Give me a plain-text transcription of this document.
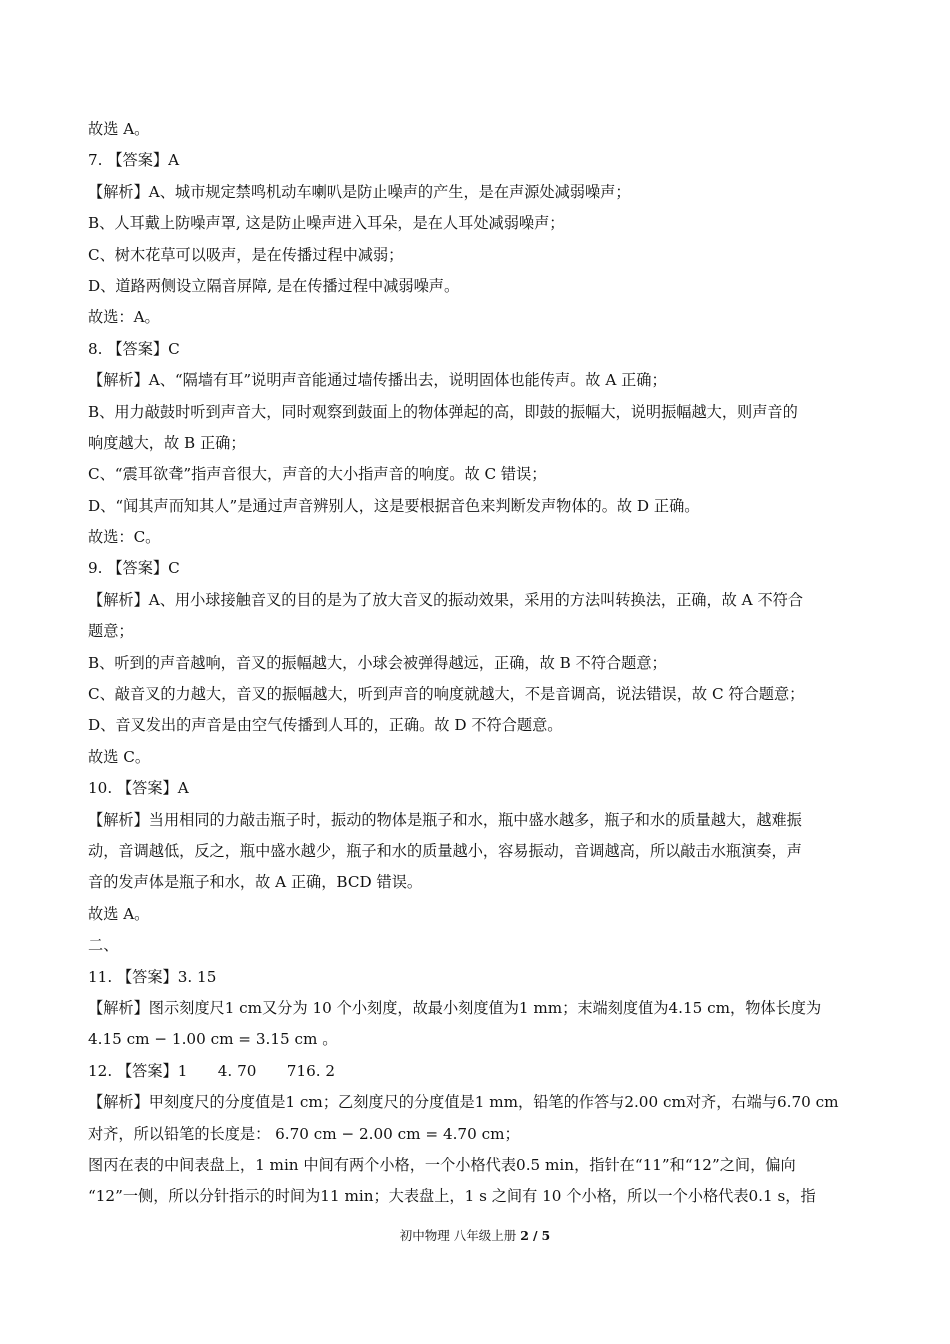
故选 A。
7. 【答案】A
【解析】A、城市规定禁鸣机动车喇叭是防止噪声的产生，是在声源处减弱噪声；
B、人耳戴上防噪声罩, 这是防止噪声进入耳朵，是在人耳处减弱噪声；
C、树木花草可以吸声，是在传播过程中减弱；
D、道路两侧设立隔音屏障, 是在传播过程中减弱噪声。
故选：A。
8. 【答案】C
【解析】A、“隔墙有耳”说明声音能通过墙传播出去，说明固体也能传声。故 A 正确；
B、用力敲鼓时听到声音大，同时观察到鼓面上的物体弹起的高，即鼓的振幅大，说明振幅越大，则声音的
响度越大，故 B 正确；
C、“震耳欲聋”指声音很大，声音的大小指声音的响度。故 C 错误；
D、“闻其声而知其人”是通过声音辨别人，这是要根据音色来判断发声物体的。故 D 正确。
故选：C。
9. 【答案】C
【解析】A、用小球接触音叉的目的是为了放大音叉的振动效果，采用的方法叫转换法，正确，故 A 不符合
题意；
B、听到的声音越响，音叉的振幅越大，小球会被弹得越远，正确，故 B 不符合题意；
C、敲音叉的力越大，音叉的振幅越大，听到声音的响度就越大，不是音调高，说法错误，故 C 符合题意；
D、音叉发出的声音是由空气传播到人耳的，正确。故 D 不符合题意。
故选 C。
10. 【答案】A
【解析】当用相同的力敲击瓶子时，振动的物体是瓶子和水，瓶中盛水越多，瓶子和水的质量越大，越难振
动，音调越低，反之，瓶中盛水越少，瓶子和水的质量越小，容易振动，音调越高，所以敲击水瓶演奏，声
音的发声体是瓶子和水，故 A 正确，BCD 错误。
故选 A。
二、
11. 【答案】3. 15
【解析】图示刻度尺1 cm又分为 10 个小刻度，故最小刻度值为1 mm；末端刻度值为4.15 cm，物体长度为
4.15 cm − 1.00 cm = 3.15 cm 。
12. 【答案】1　　4. 70　　716. 2
【解析】甲刻度尺的分度值是1 cm；乙刻度尺的分度值是1 mm，铅笔的作答与2.00 cm对齐，右端与6.70 cm
对齐，所以铅笔的长度是： 6.70 cm − 2.00 cm = 4.70 cm；
图丙在表的中间表盘上，1 min 中间有两个小格，一个小格代表0.5 min，指针在“11”和“12”之间，偏向
“12”一侧，所以分针指示的时间为11 min；大表盘上，1 s 之间有 10 个小格，所以一个小格代表0.1 s，指
初中物理 八年级上册 2 / 5
